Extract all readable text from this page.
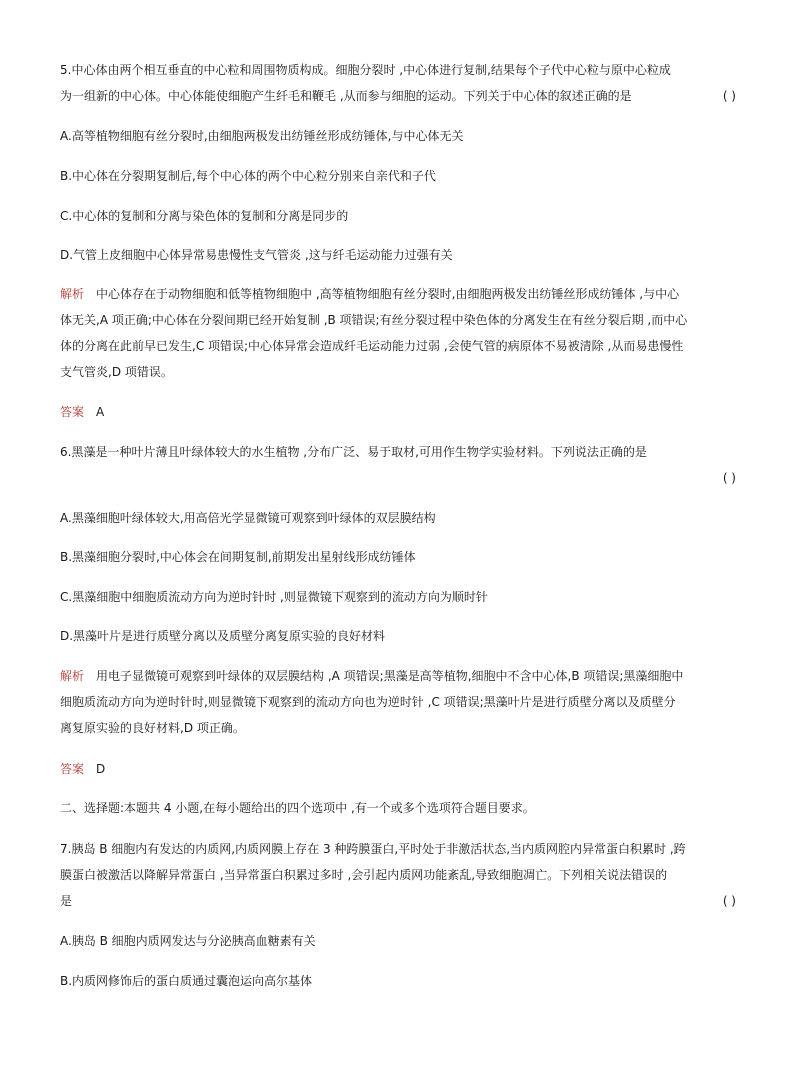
5.中心体由两个相互垂直的中心粒和周围物质构成。细胞分裂时 ,中心体进行复制,结果每个子代中心粒与原中心粒成
为一组新的中心体。中心体能使细胞产生纤毛和鞭毛 ,从而参与细胞的运动。下列关于中心体的叙述正确的是	( )
A.高等植物细胞有丝分裂时,由细胞两极发出纺锤丝形成纺锤体,与中心体无关
B.中心体在分裂期复制后,每个中心体的两个中心粒分别来自亲代和子代
C.中心体的复制和分离与染色体的复制和分离是同步的
D.气管上皮细胞中心体异常易患慢性支气管炎 ,这与纤毛运动能力过强有关
解析 中心体存在于动物细胞和低等植物细胞中 ,高等植物细胞有丝分裂时,由细胞两极发出纺锤丝形成纺锤体 ,与中心
体无关,A 项正确;中心体在分裂间期已经开始复制 ,B 项错误;有丝分裂过程中染色体的分离发生在有丝分裂后期 ,而中心
体的分离在此前早已发生,C 项错误;中心体异常会造成纤毛运动能力过弱 ,会使气管的病原体不易被清除 ,从而易患慢性
支气管炎,D 项错误。
答案 A
6.黑藻是一种叶片薄且叶绿体较大的水生植物 ,分布广泛、易于取材,可用作生物学实验材料。下列说法正确的是
( )
A.黑藻细胞叶绿体较大,用高倍光学显微镜可观察到叶绿体的双层膜结构
B.黑藻细胞分裂时,中心体会在间期复制,前期发出星射线形成纺锤体
C.黑藻细胞中细胞质流动方向为逆时针时 ,则显微镜下观察到的流动方向为顺时针
D.黑藻叶片是进行质壁分离以及质壁分离复原实验的良好材料
解析 用电子显微镜可观察到叶绿体的双层膜结构 ,A 项错误;黑藻是高等植物,细胞中不含中心体,B 项错误;黑藻细胞中
细胞质流动方向为逆时针时,则显微镜下观察到的流动方向也为逆时针 ,C 项错误;黑藻叶片是进行质壁分离以及质壁分
离复原实验的良好材料,D 项正确。
答案 D
二、选择题:本题共 4 小题,在每小题给出的四个选项中 ,有一个或多个选项符合题目要求。
7.胰岛 B 细胞内有发达的内质网,内质网膜上存在 3 种跨膜蛋白,平时处于非激活状态,当内质网腔内异常蛋白积累时 ,跨
膜蛋白被激活以降解异常蛋白 ,当异常蛋白积累过多时 ,会引起内质网功能紊乱,导致细胞凋亡。下列相关说法错误的
是	( )
A.胰岛 B 细胞内质网发达与分泌胰高血糖素有关
B.内质网修饰后的蛋白质通过囊泡运向高尔基体
